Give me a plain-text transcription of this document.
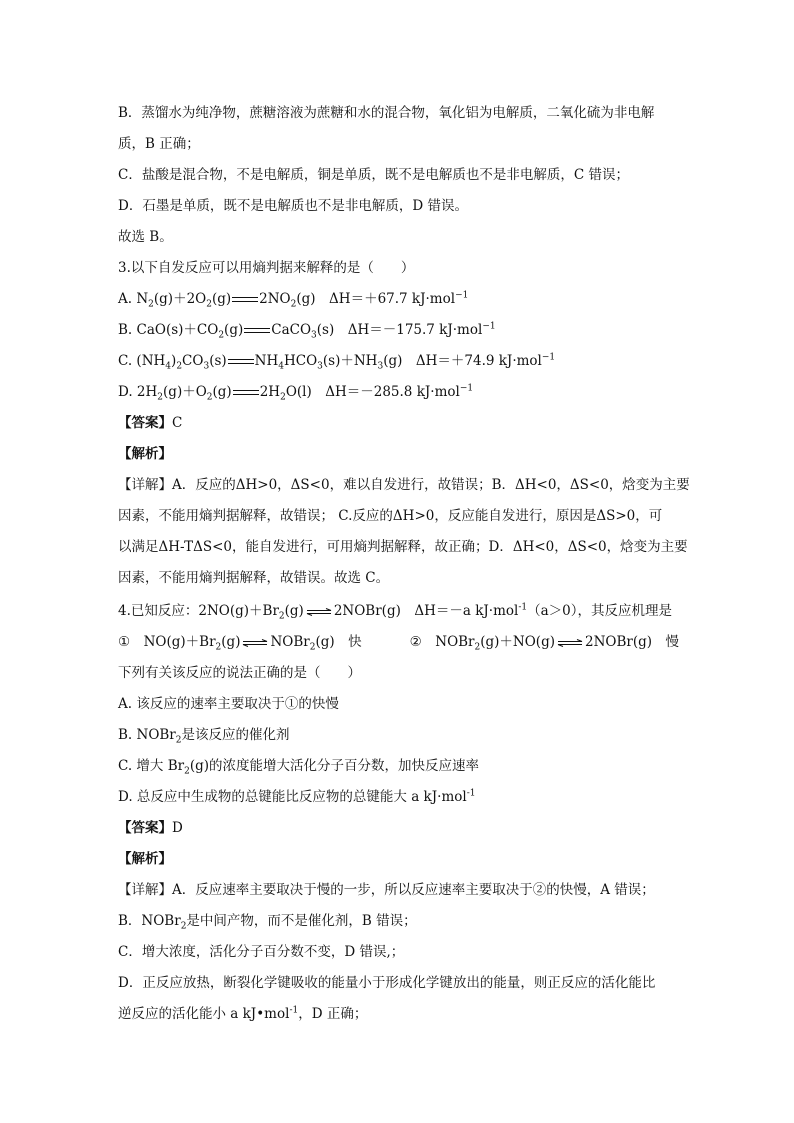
B．蒸馏水为纯净物，蔗糖溶液为蔗糖和水的混合物，氧化铝为电解质，二氧化硫为非电解
质，B 正确；
C．盐酸是混合物，不是电解质，铜是单质，既不是电解质也不是非电解质，C 错误；
D．石墨是单质，既不是电解质也不是非电解质，D 错误。
故选 B。
3.以下自发反应可以用熵判据来解释的是（　　）
A. $N_2(g)+2O_2(g)$ $2NO_2(g)$　ΔH＝＋67.7 kJ·mol$^{-1}$
B. $CaO(s)+CO_2(g)$ CaCO$_3$(s)　ΔH＝－175.7 kJ·mol$^{-1}$
C. $(NH_4)_2CO_3(s)$ $NH_4HCO_3(s)+NH_3(g)$　ΔH＝＋74.9 kJ·mol$^{-1}$
D. $2H_2(g)+O_2(g)$ $2H_2O(l)$　ΔH＝－285.8 kJ·mol$^{-1}$
【答案】C
【解析】
【详解】A．反应的ΔH>0，ΔS<0，难以自发进行，故错误；B．ΔH<0，ΔS<0，焓变为主要
因素，不能用熵判据解释，故错误； C.反应的ΔH>0，反应能自发进行，原因是ΔS>0，可
以满足ΔH-TΔS<0，能自发进行，可用熵判据解释，故正确；D．ΔH<0，ΔS<0，焓变为主要
因素，不能用熵判据解释，故错误。故选 C。
4.已知反应：$2NO(g)+Br_2(g)$ ⇌ 2NOBr(g)　ΔH＝－a kJ·mol$^{-1}$（a＞0），其反应机理是
①　$NO(g)+Br_2(g)$ ⇌ NOBr$_2$(g)　快	②　NOBr$_2$(g)＋NO(g) ⇌ 2NOBr(g)　慢
下列有关该反应的说法正确的是（　　）
A. 该反应的速率主要取决于①的快慢
B. NOBr$_2$是该反应的催化剂
C. 增大 $Br_2(g)$的浓度能增大活化分子百分数，加快反应速率
D. 总反应中生成物的总键能比反应物的总键能大 a kJ·mol$^{-1}$
【答案】D
【解析】
【详解】A．反应速率主要取决于慢的一步，所以反应速率主要取决于②的快慢，A 错误；
B．NOBr$_2$是中间产物，而不是催化剂，B 错误；
C．增大浓度，活化分子百分数不变，D 错误,；
D．正反应放热，断裂化学键吸收的能量小于形成化学键放出的能量，则正反应的活化能比
逆反应的活化能小 a kJ•mol$^{-1}$，D 正确；
